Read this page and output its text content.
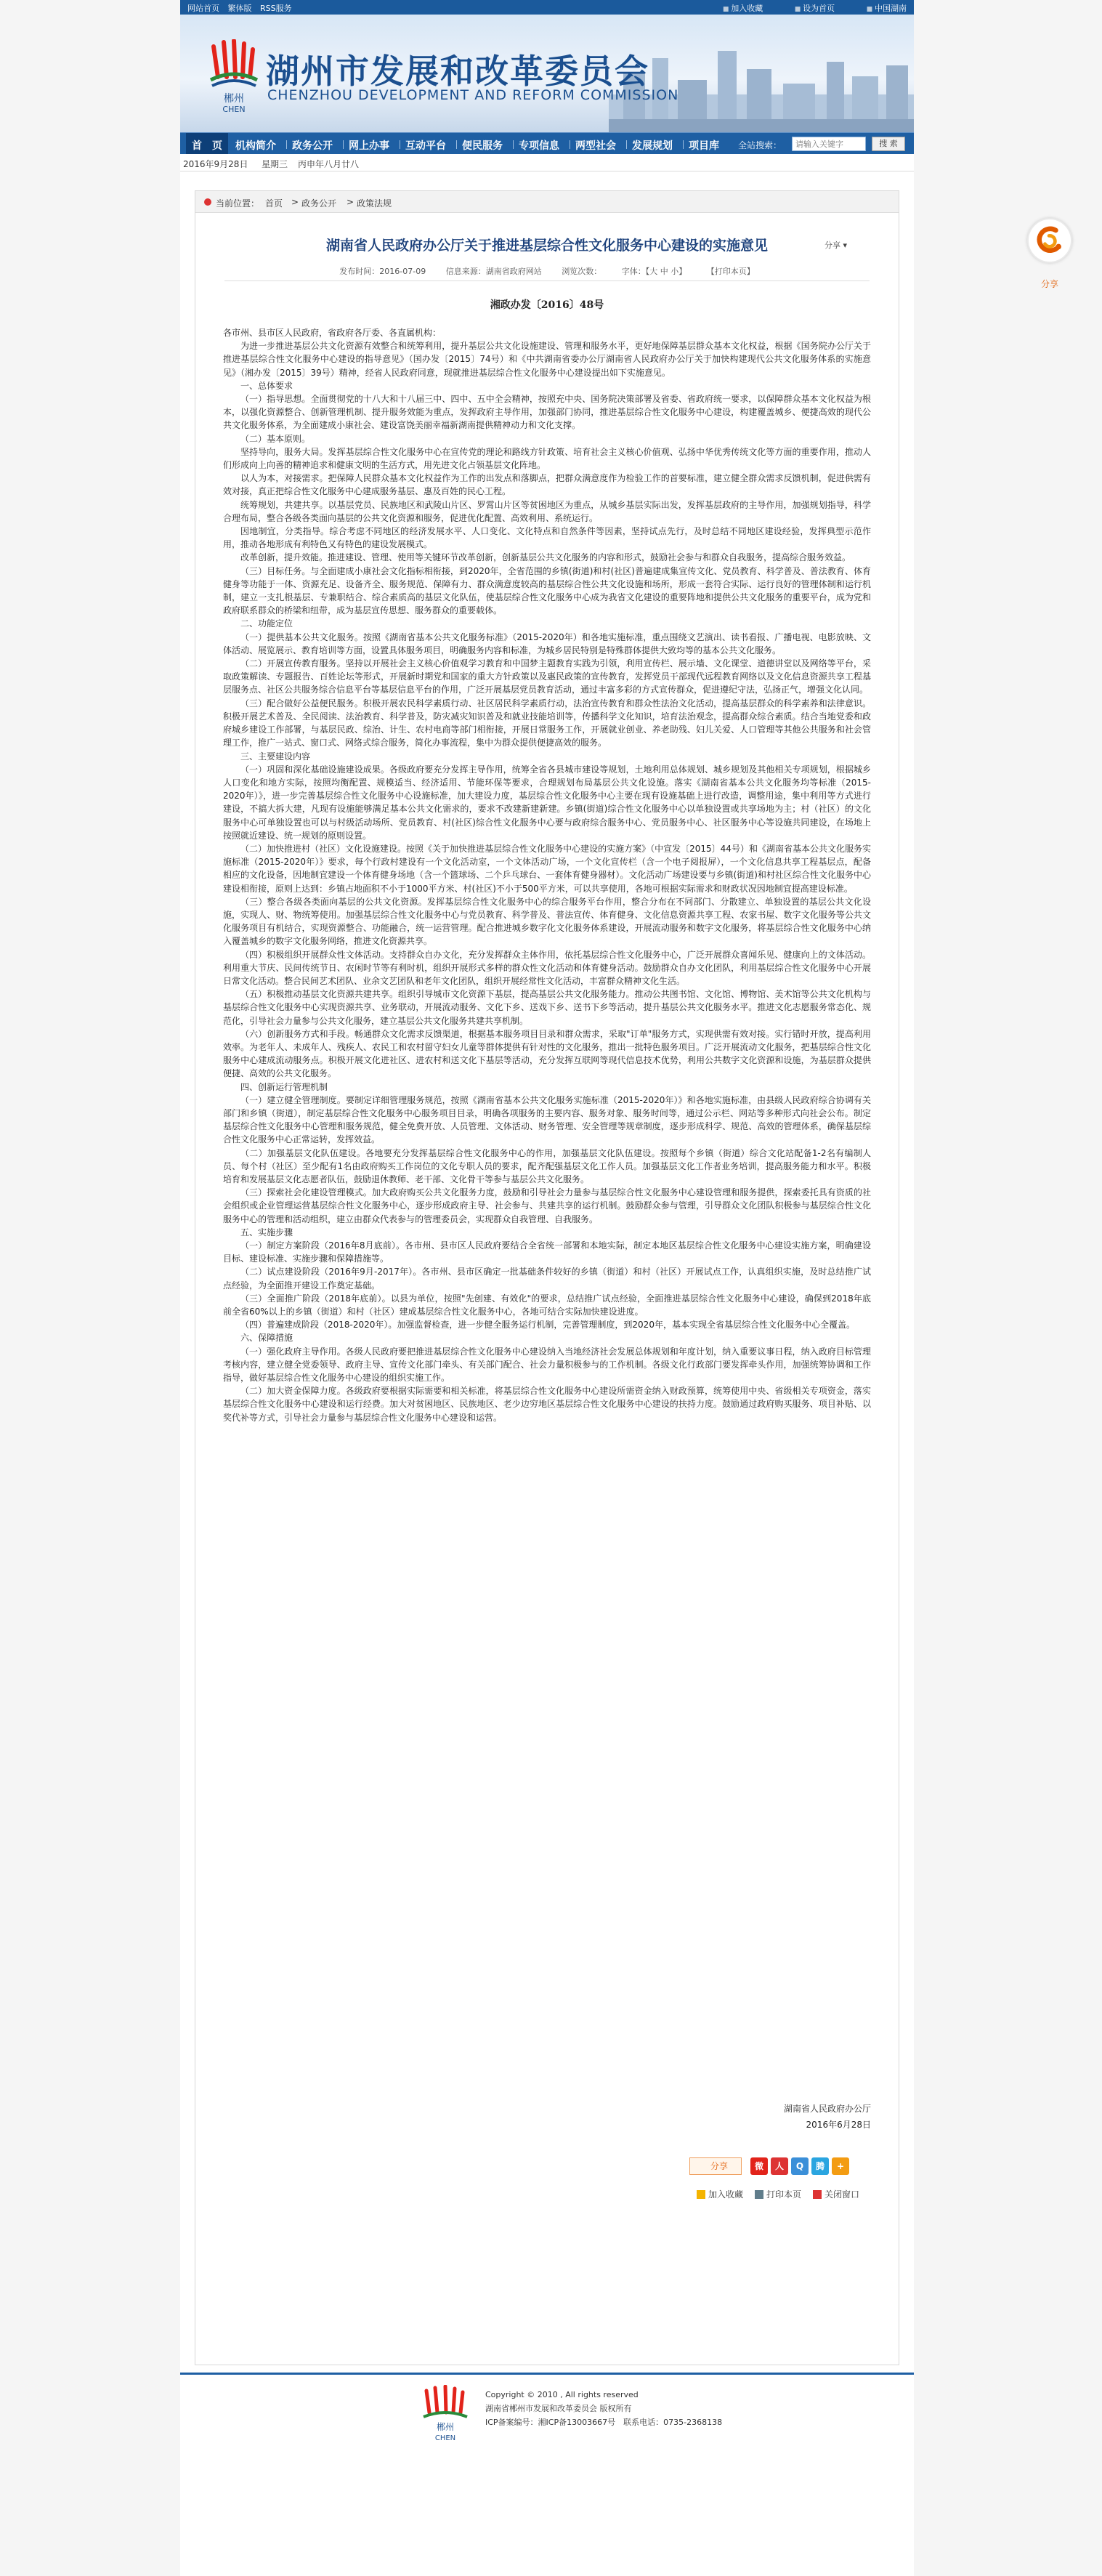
网站首页 繁体版 RSS服务	■ 加入收藏	■ 设为首页	■ 中国湖南
郴州
CHEN
湖州市发展和改革委员会
CHENZHOU DEVELOPMENT AND REFORM COMMISSION
首　页	机构简介 政务公开 网上办事 互动平台 便民服务 专项信息 两型社会 发展规划 项目库 全站搜索：
请输入关键字	搜 索
2016年9月28日 星期三 丙申年八月廿八
当前位置： 首页 > 政务公开 > 政策法规
湖南省人民政府办公厅关于推进基层综合性文化服务中心建设的实施意见	分享 ▾
发布时间：2016-07-09	信息来源：湖南省政府网站	浏览次数：	字体：【大 中 小】	【打印本页】
湘政办发〔2016〕48号

各市州、县市区人民政府，省政府各厅委、各直属机构：

为进一步推进基层公共文化资源有效整合和统筹利用，提升基层公共文化设施建设、管理和服务水平，更好地保障基层群众基本文化权益，根据《国务院办公厅关于推进基层综合性文化服务中心建设的指导意见》（国办发〔2015〕74号）和《中共湖南省委办公厅湖南省人民政府办公厅关于加快构建现代公共文化服务体系的实施意见》（湘办发〔2015〕39号）精神，经省人民政府同意，现就推进基层综合性文化服务中心建设提出如下实施意见。

一、总体要求

（一）指导思想。全面贯彻党的十八大和十八届三中、四中、五中全会精神，按照充中央、国务院决策部署及省委、省政府统一要求，以保障群众基本文化权益为根本，以强化资源整合、创新管理机制、提升服务效能为重点，发挥政府主导作用，加强部门协同，推进基层综合性文化服务中心建设，构建覆盖城乡、便捷高效的现代公共文化服务体系，为全面建成小康社会、建设富饶美丽幸福新湖南提供精神动力和文化支撑。

（二）基本原则。

坚持导向，服务大局。发挥基层综合性文化服务中心在宣传党的理论和路线方针政策、培育社会主义核心价值观、弘扬中华优秀传统文化等方面的重要作用，推动人们形成向上向善的精神追求和健康文明的生活方式，用先进文化占领基层文化阵地。

以人为本，对接需求。把保障人民群众基本文化权益作为工作的出发点和落脚点，把群众满意度作为检验工作的首要标准，建立健全群众需求反馈机制，促进供需有效对接，真正把综合性文化服务中心建成服务基层、惠及百姓的民心工程。

统筹规划，共建共享。以基层党员、民族地区和武陵山片区、罗霄山片区等贫困地区为重点，从城乡基层实际出发，发挥基层政府的主导作用，加强规划指导，科学合理布局，整合各级各类面向基层的公共文化资源和服务，促进优化配置、高效利用、系统运行。

因地制宜，分类指导。综合考虑不同地区的经济发展水平、人口变化、文化特点和自然条件等因素，坚持试点先行，及时总结不同地区建设经验，发挥典型示范作用，推动各地形成有利特色又有特色的建设发展模式。

改革创新，提升效能。推进建设、管理、使用等关键环节改革创新，创新基层公共文化服务的内容和形式，鼓励社会参与和群众自我服务，提高综合服务效益。

（三）目标任务。与全面建成小康社会文化指标相衔接，到2020年，全省范围的乡镇(街道)和村(社区)普遍建成集宣传文化、党员教育、科学普及、普法教育、体育健身等功能于一体、资源充足、设备齐全、服务规范、保障有力、群众满意度较高的基层综合性公共文化设施和场所，形成一套符合实际、运行良好的管理体制和运行机制，建立一支扎根基层、专兼职结合、综合素质高的基层文化队伍，使基层综合性文化服务中心成为我省文化建设的重要阵地和提供公共文化服务的重要平台，成为党和政府联系群众的桥梁和纽带，成为基层宣传思想、服务群众的重要载体。

二、功能定位

（一）提供基本公共文化服务。按照《湖南省基本公共文化服务标准》（2015-2020年）和各地实施标准，重点围绕文艺演出、读书看报、广播电视、电影放映、文体活动、展览展示、教育培训等方面，设置具体服务项目，明确服务内容和标准，为城乡居民特别是特殊群体提供大致均等的基本公共文化服务。

（二）开展宣传教育服务。坚持以开展社会主义核心价值观学习教育和中国梦主题教育实践为引领，利用宣传栏、展示墙、文化课堂、道德讲堂以及网络等平台，采取政策解读、专题报告、百姓论坛等形式，开展新时期党和国家的重大方针政策以及惠民政策的宣传教育，发挥党员干部现代远程教育网络以及文化信息资源共享工程基层服务点、社区公共服务综合信息平台等基层信息平台的作用，广泛开展基层党员教育活动，通过丰富多彩的方式宣传群众，促进遵纪守法，弘扬正气，增强文化认同。

（三）配合做好公益便民服务。积极开展农民科学素质行动、社区居民科学素质行动，法治宣传教育和群众性法治文化活动，提高基层群众的科学素养和法律意识。积极开展艺术普及、全民阅读、法治教育、科学普及，防灾减灾知识普及和就业技能培训等，传播科学文化知识，培育法治观念，提高群众综合素质。结合当地党委和政府城乡建设工作部署，与基层民政、综治、计生、农村电商等部门相衔接，开展日常服务工作，开展就业创业、养老助残、妇儿关爱、人口管理等其他公共服务和社会管理工作，推广一站式、窗口式、网络式综合服务，简化办事流程，集中为群众提供便捷高效的服务。

三、主要建设内容

（一）巩固和深化基础设施建设成果。各级政府要充分发挥主导作用，统筹全省各县城市建设等规划，土地利用总体规划、城乡规划及其他相关专项规划，根据城乡人口变化和地方实际，按照均衡配置、规模适当、经济适用、节能环保等要求，合理规划布局基层公共文化设施。落实《湖南省基本公共文化服务均等标准（2015-2020年）》，进一步完善基层综合性文化服务中心设施标准，加大建设力度，基层综合性文化服务中心主要在现有设施基础上进行改造，调整用途，集中利用等方式进行建设，不搞大拆大建，凡现有设施能够满足基本公共文化需求的，要求不改建新建新建。乡镇(街道)综合性文化服务中心以单独设置或共享场地为主；村（社区）的文化服务中心可单独设置也可以与村级活动场所、党员教育、村(社区)综合性文化服务中心要与政府综合服务中心、党员服务中心、社区服务中心等设施共同建设，在场地上按照就近建设、统一规划的原则设置。

（二）加快推进村（社区）文化设施建设。按照《关于加快推进基层综合性文化服务中心建设的实施方案》（中宣发〔2015〕44号）和《湖南省基本公共文化服务实施标准（2015-2020年）》要求，每个行政村建设有一个文化活动室，一个文体活动广场，一个文化宣传栏（含一个电子阅报屏），一个文化信息共享工程基层点，配备相应的文化设备，因地制宜建设一个体育健身场地（含一个篮球场、二个乒乓球台、一套体育健身器材）。文化活动广场建设要与乡镇(街道)和村社区综合性文化服务中心建设相衔接，原则上达到：乡镇占地面积不小于1000平方米、村(社区)不小于500平方米，可以共享使用，各地可根据实际需求和财政状况因地制宜提高建设标准。

（三）整合各级各类面向基层的公共文化资源。发挥基层综合性文化服务中心的综合服务平台作用，整合分布在不同部门、分散建立、单独设置的基层公共文化设施，实现人、财、物统筹使用。加强基层综合性文化服务中心与党员教育、科学普及、普法宣传、体育健身、文化信息资源共享工程、农家书屋、数字文化服务等公共文化服务项目有机结合，实现资源整合、功能融合，统一运营管理。配合推进城乡数字化文化服务体系建设，开展流动服务和数字文化服务，将基层综合性文化服务中心纳入覆盖城乡的数字文化服务网络，推进文化资源共享。

（四）积极组织开展群众性文体活动。支持群众自办文化，充分发挥群众主体作用，依托基层综合性文化服务中心，广泛开展群众喜闻乐见、健康向上的文体活动。利用重大节庆、民间传统节日、农闲时节等有利时机，组织开展形式多样的群众性文化活动和体育健身活动。鼓励群众自办文化团队，利用基层综合性文化服务中心开展日常文化活动。整合民间艺术团队、业余文艺团队和老年文化团队，组织开展经常性文化活动，丰富群众精神文化生活。

（五）积极推动基层文化资源共建共享。组织引导城市文化资源下基层，提高基层公共文化服务能力。推动公共图书馆、文化馆、博物馆、美术馆等公共文化机构与基层综合性文化服务中心实现资源共享、业务联动，开展流动服务、文化下乡、送戏下乡、送书下乡等活动，提升基层公共文化服务水平。推进文化志愿服务常态化、规范化，引导社会力量参与公共文化服务，建立基层公共文化服务共建共享机制。

（六）创新服务方式和手段。畅通群众文化需求反馈渠道，根据基本服务项目目录和群众需求，采取"订单"服务方式，实现供需有效对接。实行错时开放，提高利用效率。为老年人、未成年人、残疾人、农民工和农村留守妇女儿童等群体提供有针对性的文化服务，推出一批特色服务项目。广泛开展流动文化服务，把基层综合性文化服务中心建成流动服务点。积极开展文化进社区、进农村和送文化下基层等活动，充分发挥互联网等现代信息技术优势，利用公共数字文化资源和设施，为基层群众提供便捷、高效的公共文化服务。

四、创新运行管理机制

（一）建立健全管理制度。要制定详细管理服务规范，按照《湖南省基本公共文化服务实施标准（2015-2020年）》和各地实施标准，由县级人民政府综合协调有关部门和乡镇（街道），制定基层综合性文化服务中心服务项目目录，明确各项服务的主要内容、服务对象、服务时间等，通过公示栏、网站等多种形式向社会公布。制定基层综合性文化服务中心管理和服务规范，健全免费开放、人员管理、文体活动、财务管理、安全管理等规章制度，逐步形成科学、规范、高效的管理体系，确保基层综合性文化服务中心正常运转，发挥效益。

（二）加强基层文化队伍建设。各地要充分发挥基层综合性文化服务中心的作用，加强基层文化队伍建设。按照每个乡镇（街道）综合文化站配备1-2名有编制人员、每个村（社区）至少配有1名由政府购买工作岗位的文化专职人员的要求，配齐配强基层文化工作人员。加强基层文化工作者业务培训，提高服务能力和水平。积极培育和发展基层文化志愿者队伍，鼓励退休教师、老干部、文化骨干等参与基层公共文化服务。

（三）探索社会化建设管理模式。加大政府购买公共文化服务力度，鼓励和引导社会力量参与基层综合性文化服务中心建设管理和服务提供，探索委托具有资质的社会组织或企业管理运营基层综合性文化服务中心，逐步形成政府主导、社会参与、共建共享的运行机制。鼓励群众参与管理，引导群众文化团队积极参与基层综合性文化服务中心的管理和活动组织，建立由群众代表参与的管理委员会，实现群众自我管理、自我服务。

五、实施步骤

（一）制定方案阶段（2016年8月底前）。各市州、县市区人民政府要结合全省统一部署和本地实际，制定本地区基层综合性文化服务中心建设实施方案，明确建设目标、建设标准、实施步骤和保障措施等。

（二）试点建设阶段（2016年9月-2017年）。各市州、县市区确定一批基础条件较好的乡镇（街道）和村（社区）开展试点工作，认真组织实施，及时总结推广试点经验，为全面推开建设工作奠定基础。

（三）全面推广阶段（2018年底前）。以县为单位，按照"先创建、有效化"的要求，总结推广试点经验，全面推进基层综合性文化服务中心建设，确保到2018年底前全省60%以上的乡镇（街道）和村（社区）建成基层综合性文化服务中心，各地可结合实际加快建设进度。

（四）普遍建成阶段（2018-2020年）。加强监督检查，进一步健全服务运行机制，完善管理制度，到2020年，基本实现全省基层综合性文化服务中心全覆盖。

六、保障措施

（一）强化政府主导作用。各级人民政府要把推进基层综合性文化服务中心建设纳入当地经济社会发展总体规划和年度计划，纳入重要议事日程，纳入政府目标管理考核内容，建立健全党委领导、政府主导、宣传文化部门牵头、有关部门配合、社会力量积极参与的工作机制。各级文化行政部门要发挥牵头作用，加强统筹协调和工作指导，做好基层综合性文化服务中心建设的组织实施工作。

（二）加大资金保障力度。各级政府要根据实际需要和相关标准，将基层综合性文化服务中心建设所需资金纳入财政预算，统筹使用中央、省级相关专项资金，落实基层综合性文化服务中心建设和运行经费。加大对贫困地区、民族地区、老少边穷地区基层综合性文化服务中心建设的扶持力度。鼓励通过政府购买服务、项目补贴、以奖代补等方式，引导社会力量参与基层综合性文化服务中心建设和运营。

湖南省人民政府办公厅
2016年6月28日
分享	微	人	Q	腾	+
加入收藏	打印本页	关闭窗口
郴州
CHEN
Copyright © 2010 , All rights reserved
湖南省郴州市发展和改革委员会 版权所有
ICP备案编号：湘ICP备13003667号　 联系电话：0735-2368138
分享
